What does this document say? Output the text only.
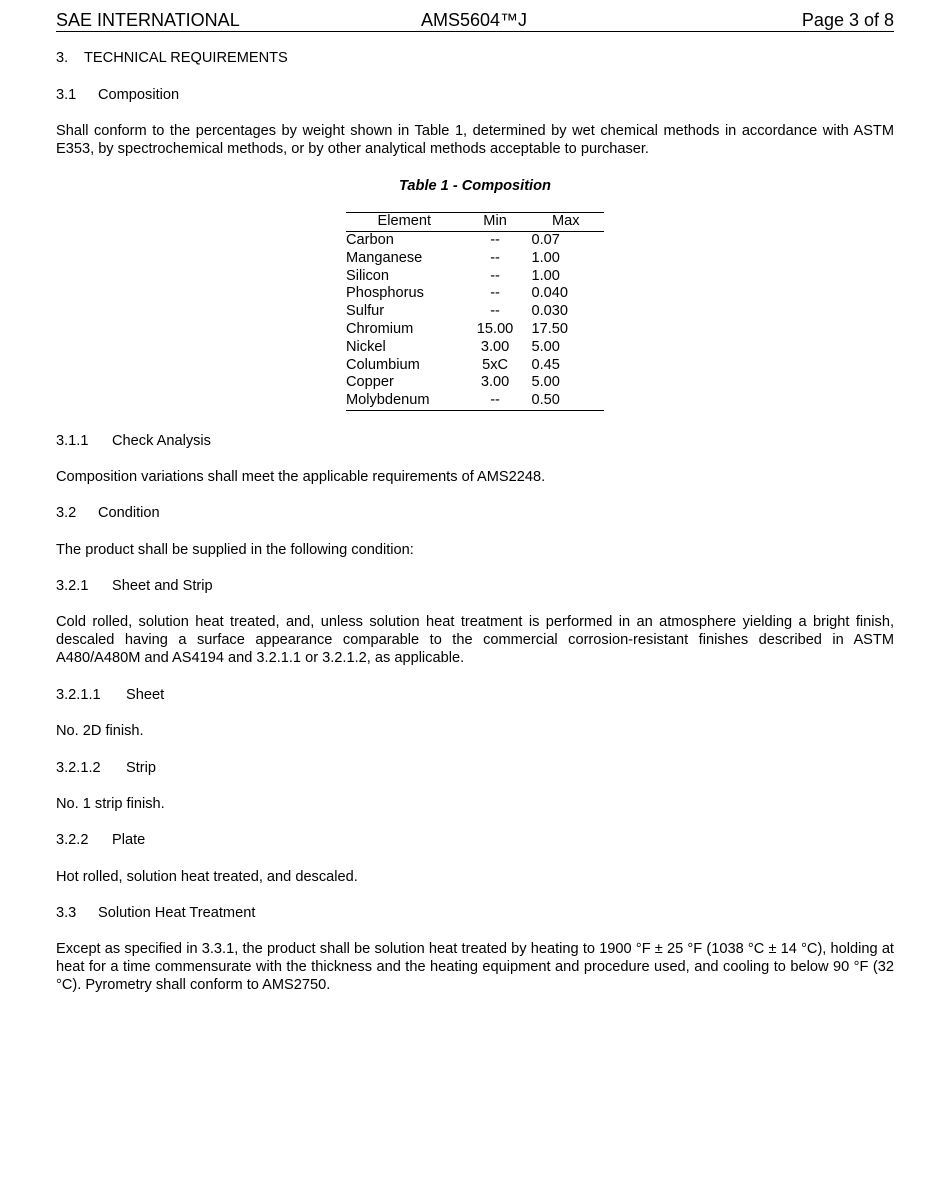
SAE INTERNATIONAL	AMS5604™J	Page 3 of 8
3. TECHNICAL REQUIREMENTS
3.1 Composition

Shall conform to the percentages by weight shown in Table 1, determined by wet chemical methods in accordance with ASTM E353, by spectrochemical methods, or by other analytical methods acceptable to purchaser.

Table 1 - Composition
Element	Min	Max
Carbon	--	0.07
Manganese	--	1.00
Silicon	--	1.00
Phosphorus	--	0.040
Sulfur	--	0.030
Chromium	15.00	17.50
Nickel	3.00	5.00
Columbium	5xC	0.45
Copper	3.00	5.00
Molybdenum	--	0.50
3.1.1 Check Analysis

Composition variations shall meet the applicable requirements of AMS2248.

3.2 Condition

The product shall be supplied in the following condition:

3.2.1 Sheet and Strip

Cold rolled, solution heat treated, and, unless solution heat treatment is performed in an atmosphere yielding a bright finish, descaled having a surface appearance comparable to the commercial corrosion-resistant finishes described in ASTM A480/A480M and AS4194 and 3.2.1.1 or 3.2.1.2, as applicable.

3.2.1.1 Sheet

No. 2D finish.

3.2.1.2 Strip

No. 1 strip finish.

3.2.2 Plate

Hot rolled, solution heat treated, and descaled.

3.3 Solution Heat Treatment

Except as specified in 3.3.1, the product shall be solution heat treated by heating to 1900 °F ± 25 °F (1038 °C ± 14 °C), holding at heat for a time commensurate with the thickness and the heating equipment and procedure used, and cooling to below 90 °F (32 °C). Pyrometry shall conform to AMS2750.
